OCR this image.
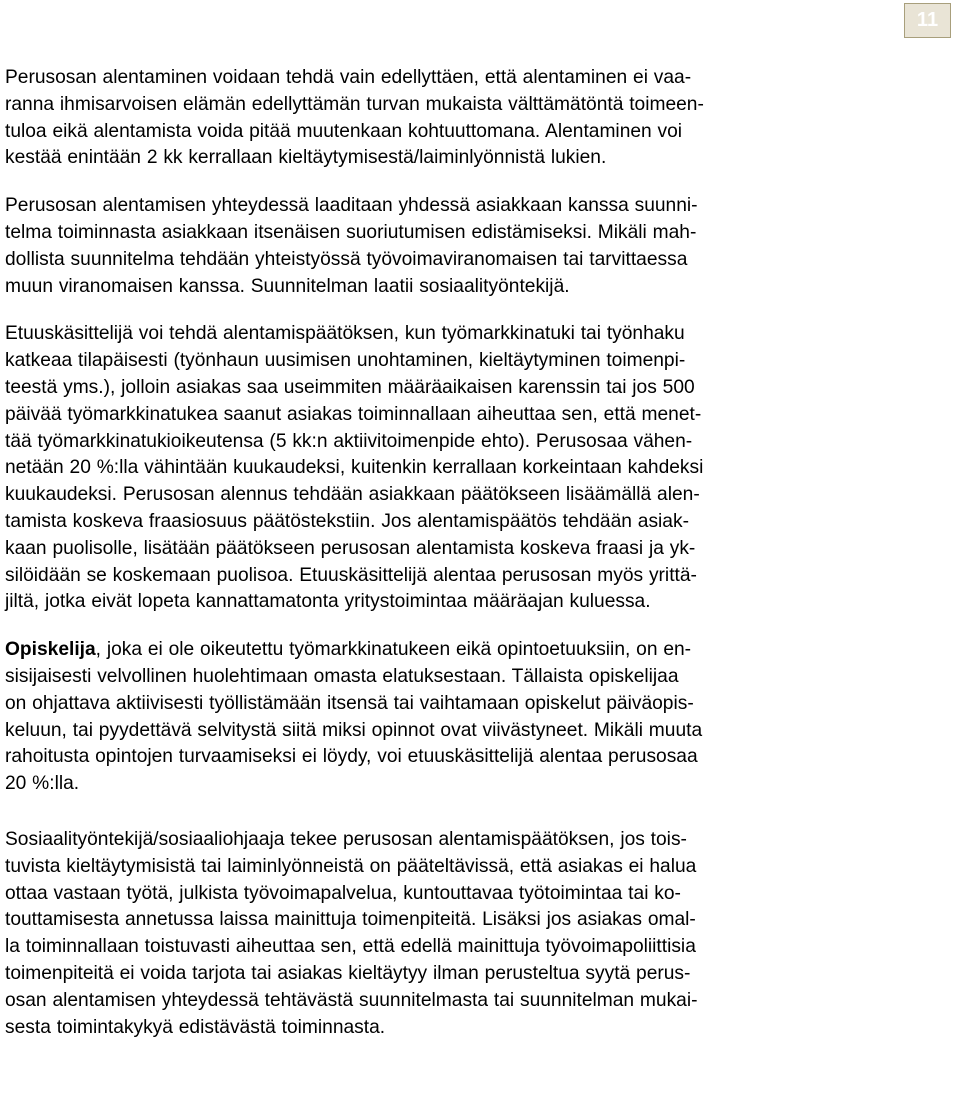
11

Perusosan alentaminen voidaan tehdä vain edellyttäen, että alentaminen ei vaa-
ranna ihmisarvoisen elämän edellyttämän turvan mukaista välttämätöntä toimeen-
tuloa eikä alentamista voida pitää muutenkaan kohtuuttomana. Alentaminen voi
kestää enintään 2 kk kerrallaan kieltäytymisestä/laiminlyönnistä lukien.

Perusosan alentamisen yhteydessä laaditaan yhdessä asiakkaan kanssa suunni-
telma toiminnasta asiakkaan itsenäisen suoriutumisen edistämiseksi. Mikäli mah-
dollista suunnitelma tehdään yhteistyössä työvoimaviranomaisen tai tarvittaessa
muun viranomaisen kanssa. Suunnitelman laatii sosiaalityöntekijä.

Etuuskäsittelijä voi tehdä alentamispäätöksen, kun työmarkkinatuki tai työnhaku
katkeaa tilapäisesti (työnhaun uusimisen unohtaminen, kieltäytyminen toimenpi-
teestä yms.), jolloin asiakas saa useimmiten määräaikaisen karenssin tai jos 500
päivää työmarkkinatukea saanut asiakas toiminnallaan aiheuttaa sen, että menet-
tää työmarkkinatukioikeutensa (5 kk:n aktiivitoimenpide ehto). Perusosaa vähen-
netään 20 %:lla vähintään kuukaudeksi, kuitenkin kerrallaan korkeintaan kahdeksi
kuukaudeksi. Perusosan alennus tehdään asiakkaan päätökseen lisäämällä alen-
tamista koskeva fraasiosuus päätöstekstiin. Jos alentamispäätös tehdään asiak-
kaan puolisolle, lisätään päätökseen perusosan alentamista koskeva fraasi ja yk-
silöidään se koskemaan puolisoa. Etuuskäsittelijä alentaa perusosan myös yrittä-
jiltä, jotka eivät lopeta kannattamatonta yritystoimintaa määräajan kuluessa.

Opiskelija, joka ei ole oikeutettu työmarkkinatukeen eikä opintoetuuksiin, on en-
sisijaisesti velvollinen huolehtimaan omasta elatuksestaan. Tällaista opiskelijaa
on ohjattava aktiivisesti työllistämään itsensä tai vaihtamaan opiskelut päiväopis-
keluun, tai pyydettävä selvitystä siitä miksi opinnot ovat viivästyneet. Mikäli muuta
rahoitusta opintojen turvaamiseksi ei löydy, voi etuuskäsittelijä alentaa perusosaa
20 %:lla.

Sosiaalityöntekijä/sosiaaliohjaaja tekee perusosan alentamispäätöksen, jos tois-
tuvista kieltäytymisistä tai laiminlyönneistä on pääteltävissä, että asiakas ei halua
ottaa vastaan työtä, julkista työvoimapalvelua, kuntouttavaa työtoimintaa tai ko-
touttamisesta annetussa laissa mainittuja toimenpiteitä. Lisäksi jos asiakas omal-
la toiminnallaan toistuvasti aiheuttaa sen, että edellä mainittuja työvoimapoliittisia
toimenpiteitä ei voida tarjota tai asiakas kieltäytyy ilman perusteltua syytä perus-
osan alentamisen yhteydessä tehtävästä suunnitelmasta tai suunnitelman mukai-
sesta toimintakykyä edistävästä toiminnasta.
